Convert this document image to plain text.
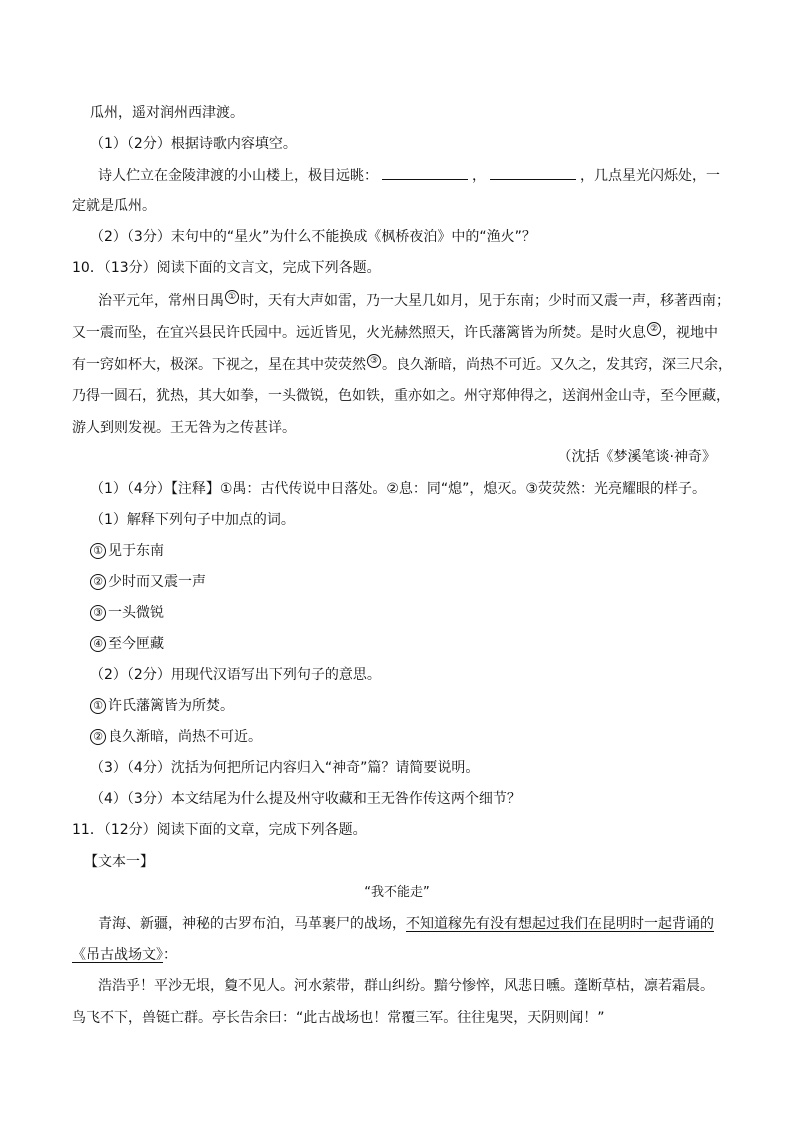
瓜州，遥对润州西津渡。
（1）（2分）根据诗歌内容填空。
诗人伫立在金陵津渡的小山楼上，极目远眺：	，	，几点星光闪烁处，一
定就是瓜州。
（2）（3分）末句中的“星火”为什么不能换成《枫桥夜泊》中的“渔火”？
10．（13分）阅读下面的文言文，完成下列各题。
治平元年，常州日禺 ① 时，天有大声如雷，乃一大星几如月，见于东南；少时而又震一声，移著西南；
又一震而坠，在宜兴县民许氏园中。远近皆见，火光赫然照天，许氏藩篱皆为所焚。是时火息 ② ，视地中
有一窍如杯大，极深。下视之，星在其中荧荧然 ③ 。良久渐暗，尚热不可近。又久之，发其窍，深三尺余，
乃得一圆石，犹热，其大如拳，一头微锐，色如铁，重亦如之。州守郑伸得之，送润州金山寺，至今匣藏，
游人到则发视。王无咎为之传甚详。
（沈括《梦溪笔谈·神奇》
（1）（4分）【注释】①禺：古代传说中日落处。②息：同“熄”，熄灭。③荧荧然：光亮耀眼的样子。
（1）解释下列句子中加点的词。
① 见于东南
② 少时而又震一声
③ 一头微锐
④ 至今匣藏
（2）（2分）用现代汉语写出下列句子的意思。
① 许氏藩篱皆为所焚。
② 良久渐暗，尚热不可近。
（3）（4分）沈括为何把所记内容归入“神奇”篇？请简要说明。
（4）（3分）本文结尾为什么提及州守收藏和王无咎作传这两个细节？
11．（12分）阅读下面的文章，完成下列各题。
【文本一】
“我不能走”
青海、新疆，神秘的古罗布泊，马革裹尸的战场，不知道稼先有没有想起过我们在昆明时一起背诵的
《吊古战场文》：
浩浩乎！平沙无垠，敻不见人。河水萦带，群山纠纷。黯兮惨悴，风悲日曛。蓬断草枯，凛若霜晨。
鸟飞不下，兽铤亡群。亭长告余曰：“此古战场也！常覆三军。往往鬼哭，天阴则闻！”
